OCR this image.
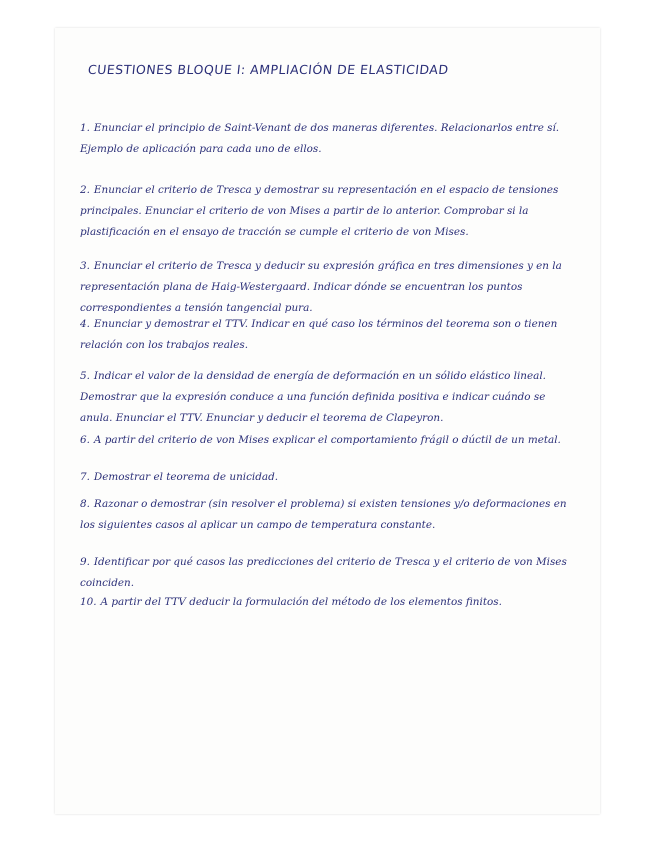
CUESTIONES BLOQUE I: AMPLIACIÓN DE ELASTICIDAD
1. Enunciar el principio de Saint-Venant de dos maneras diferentes. Relacionarlos entre sí. Ejemplo de aplicación para cada uno de ellos.
2. Enunciar el criterio de Tresca y demostrar su representación en el espacio de tensiones principales. Enunciar el criterio de von Mises a partir de lo anterior. Comprobar si la plastificación en el ensayo de tracción se cumple el criterio de von Mises.
3. Enunciar el criterio de Tresca y deducir su expresión gráfica en tres dimensiones y en la representación plana de Haig-Westergaard. Indicar dónde se encuentran los puntos correspondientes a tensión tangencial pura.
4. Enunciar y demostrar el TTV. Indicar en qué caso los términos del teorema son o tienen relación con los trabajos reales.
5. Indicar el valor de la densidad de energía de deformación en un sólido elástico lineal. Demostrar que la expresión conduce a una función definida positiva e indicar cuándo se anula. Enunciar el TTV. Enunciar y deducir el teorema de Clapeyron.
6. A partir del criterio de von Mises explicar el comportamiento frágil o dúctil de un metal.
7. Demostrar el teorema de unicidad.
8. Razonar o demostrar (sin resolver el problema) si existen tensiones y/o deformaciones en los siguientes casos al aplicar un campo de temperatura constante.
9. Identificar por qué casos las predicciones del criterio de Tresca y el criterio de von Mises coinciden.
10. A partir del TTV deducir la formulación del método de los elementos finitos.
